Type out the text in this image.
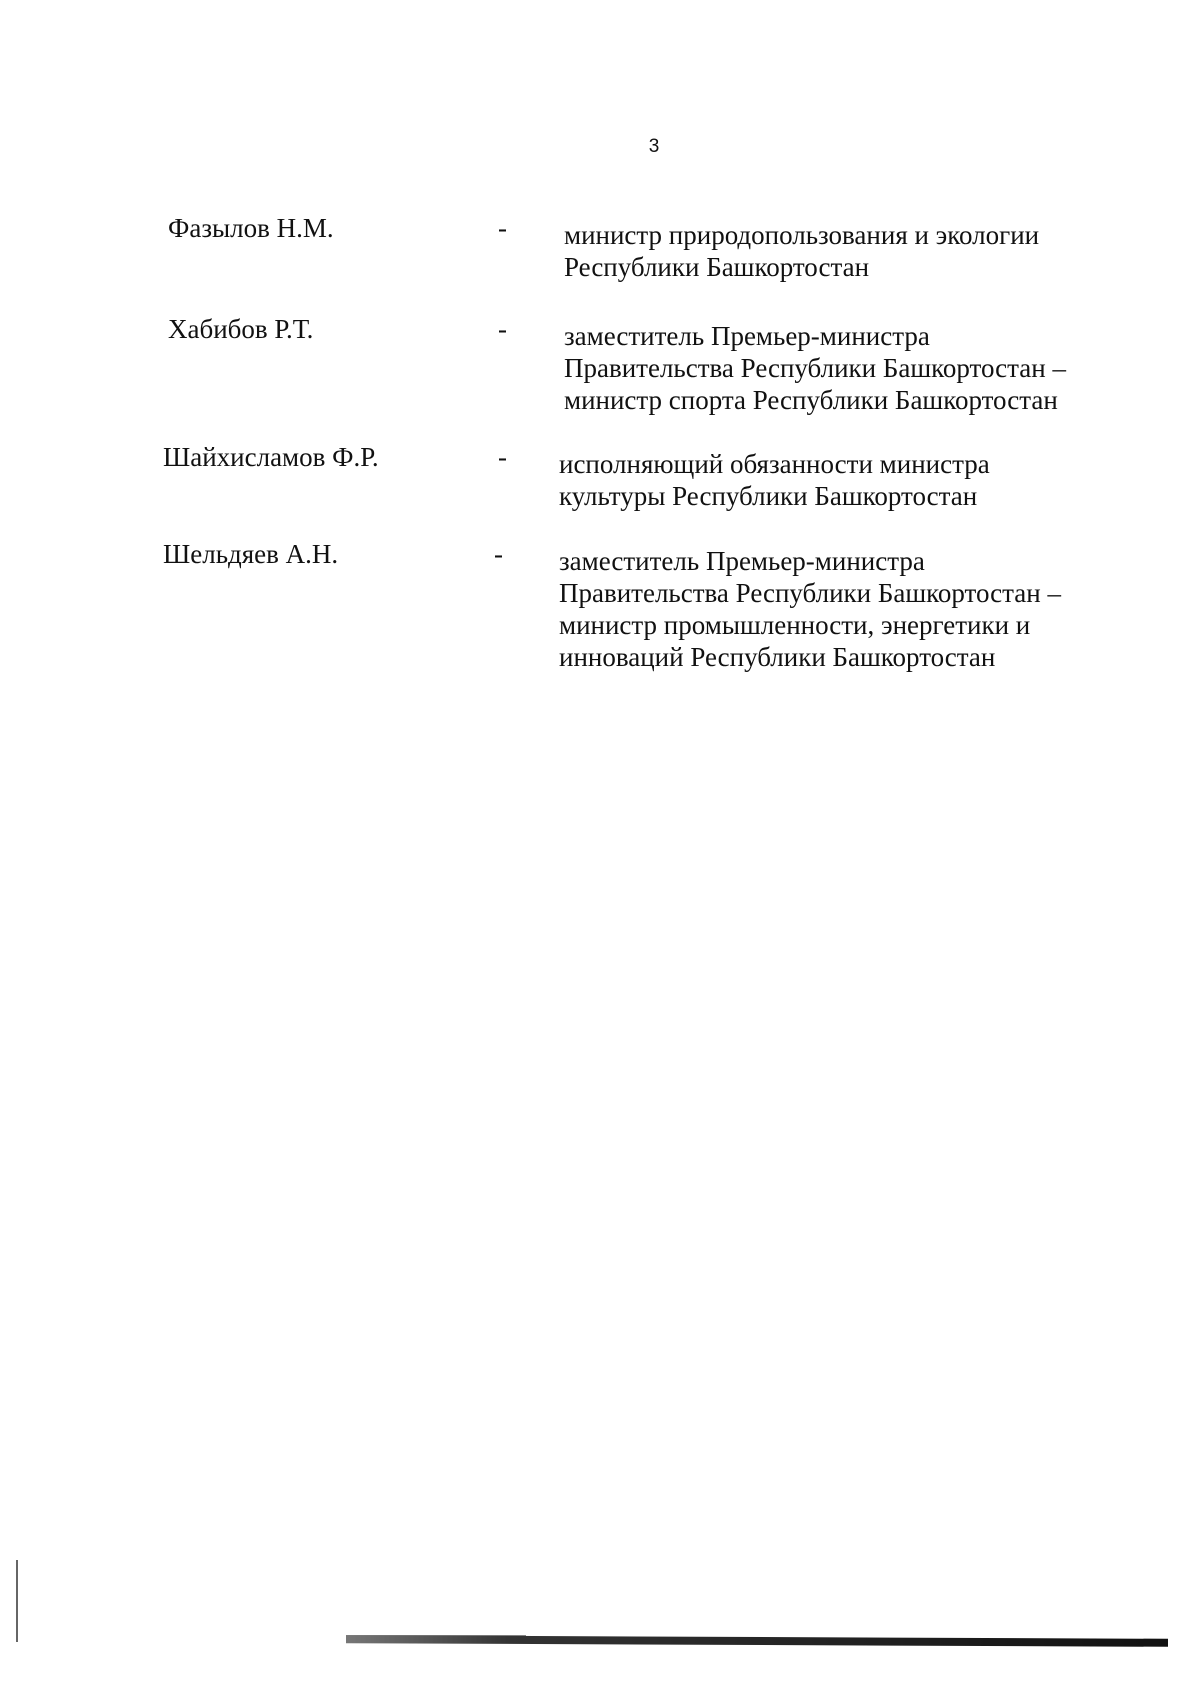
3
Фазылов Н.М.	- министр природопользования и экологии
Республики Башкортостан
Хабибов Р.Т.	- заместитель Премьер-министра
Правительства Республики Башкортостан –
министр спорта Республики Башкортостан
Шайхисламов Ф.Р.	- исполняющий обязанности министра
культуры Республики Башкортостан
Шельдяев А.Н.	- заместитель Премьер-министра
Правительства Республики Башкортостан –
министр промышленности, энергетики и
инноваций Республики Башкортостан
